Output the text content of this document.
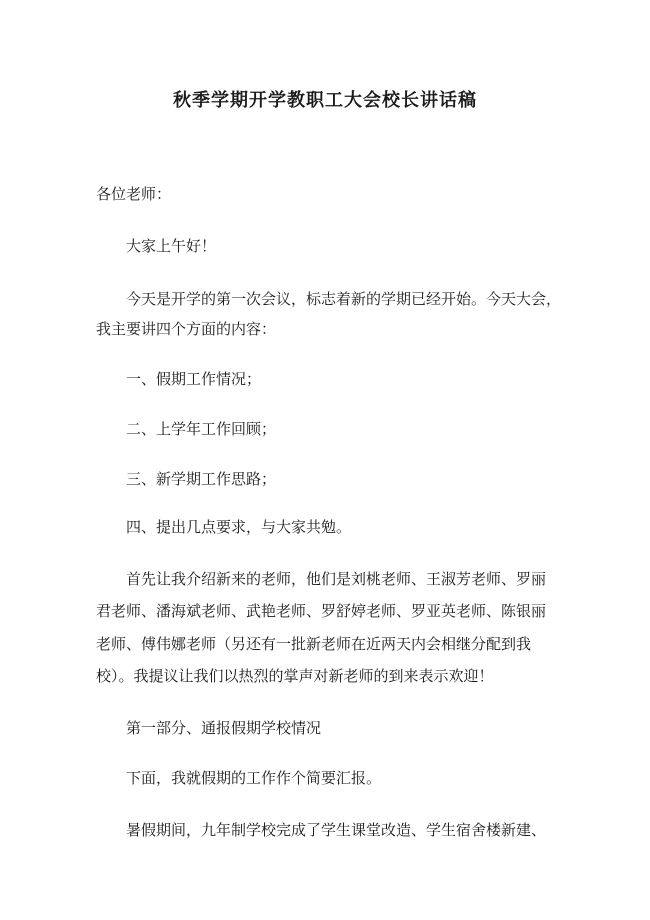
秋季学期开学教职工大会校长讲话稿
各位老师：
大家上午好！
今天是开学的第一次会议，标志着新的学期已经开始。今天大会，
我主要讲四个方面的内容：
一、假期工作情况；
二、上学年工作回顾；
三、新学期工作思路；
四、提出几点要求，与大家共勉。
首先让我介绍新来的老师，他们是刘桃老师、王淑芳老师、罗丽
君老师、潘海斌老师、武艳老师、罗舒婷老师、罗亚英老师、陈银丽
老师、傅伟娜老师（另还有一批新老师在近两天内会相继分配到我
校）。我提议让我们以热烈的掌声对新老师的到来表示欢迎！
第一部分、通报假期学校情况
下面，我就假期的工作作个简要汇报。
暑假期间，九年制学校完成了学生课堂改造、学生宿舍楼新建、
